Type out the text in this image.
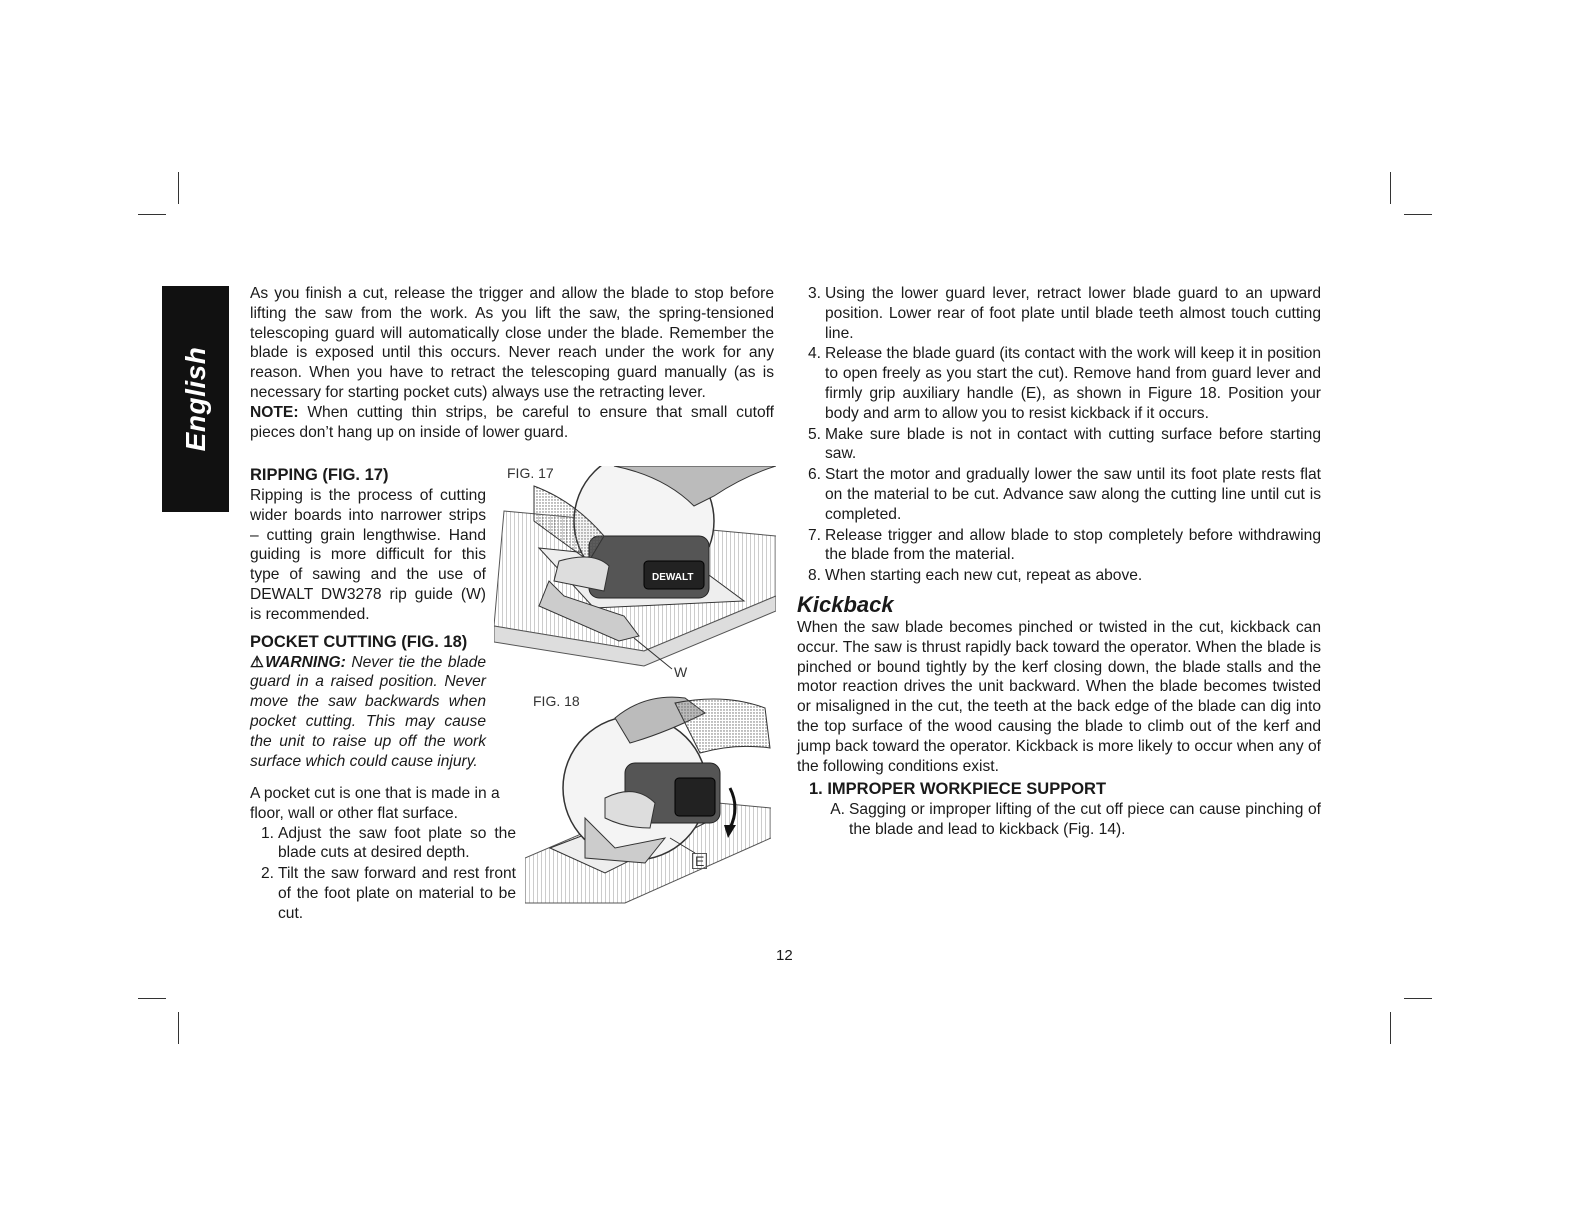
English

As you finish a cut, release the trigger and allow the blade to stop before lifting the saw from the work. As you lift the saw, the spring-tensioned telescoping guard will automatically close under the blade. Remember the blade is exposed until this occurs. Never reach under the work for any reason. When you have to retract the telescoping guard manually (as is necessary for starting pocket cuts) always use the retracting lever.

NOTE: When cutting thin strips, be careful to ensure that small cutoff pieces don’t hang up on inside of lower guard.

RIPPING (FIG. 17)

Ripping is the process of cutting wider boards into narrower strips – cutting grain lengthwise. Hand guiding is more difficult for this type of sawing and the use of DEWALT DW3278 rip guide (W) is recommended.

POCKET CUTTING (FIG. 18)

⚠WARNING: Never tie the blade guard in a raised position. Never move the saw backwards when pocket cutting. This may cause the unit to raise up off the work surface which could cause injury.

A pocket cut is one that is made in a floor, wall or other flat surface.

1. Adjust the saw foot plate so the blade cuts at desired depth.
2. Tilt the saw forward and rest front of the foot plate on material to be cut.
FIG. 17
DEWALT
W
FIG. 18
E
3. Using the lower guard lever, retract lower blade guard to an upward position. Lower rear of foot plate until blade teeth almost touch cutting line.
4. Release the blade guard (its contact with the work will keep it in position to open freely as you start the cut). Remove hand from guard lever and firmly grip auxiliary handle (E), as shown in Figure 18. Position your body and arm to allow you to resist kickback if it occurs.
5. Make sure blade is not in contact with cutting surface before starting saw.
6. Start the motor and gradually lower the saw until its foot plate rests flat on the material to be cut. Advance saw along the cutting line until cut is completed.
7. Release trigger and allow blade to stop completely before withdrawing the blade from the material.
8. When starting each new cut, repeat as above.
Kickback

When the saw blade becomes pinched or twisted in the cut, kickback can occur. The saw is thrust rapidly back toward the operator. When the blade is pinched or bound tightly by the kerf closing down, the blade stalls and the motor reaction drives the unit backward. When the blade becomes twisted or misaligned in the cut, the teeth at the back edge of the blade can dig into the top surface of the wood causing the blade to climb out of the kerf and jump back toward the operator. Kickback is more likely to occur when any of the following conditions exist.

1. IMPROPER WORKPIECE SUPPORT
A. Sagging or improper lifting of the cut off piece can cause pinching of the blade and lead to kickback (Fig. 14).
12
